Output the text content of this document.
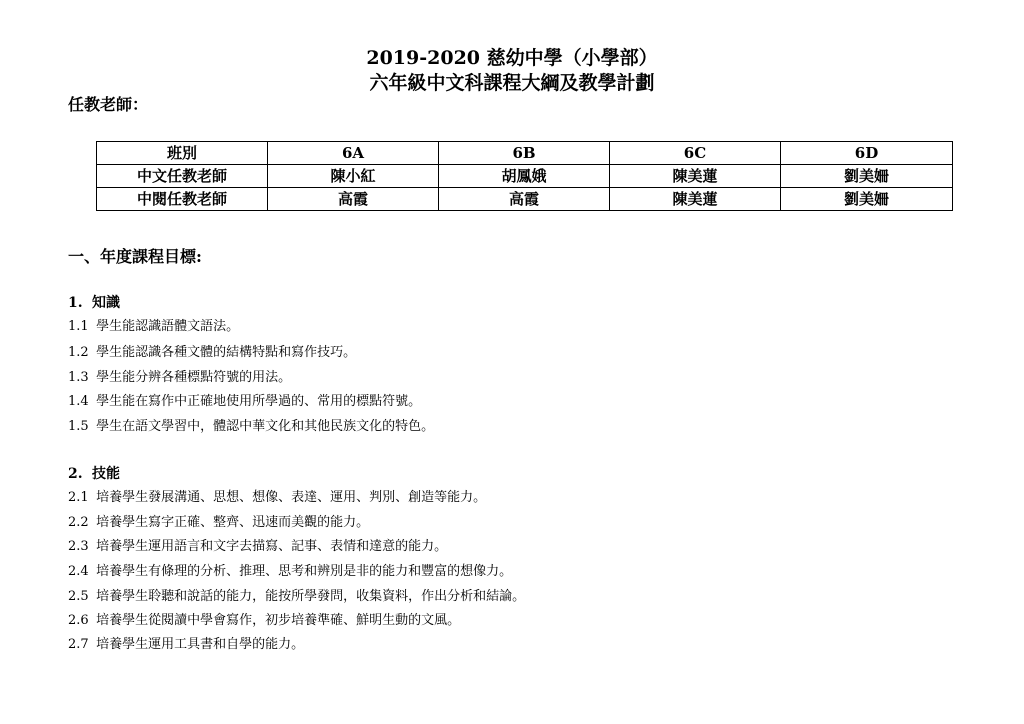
2019-2020 慈幼中學（小學部）
六年級中文科課程大綱及教學計劃
任教老師：
班別	6A	6B	6C	6D
中文任教老師	陳小紅	胡鳳娥	陳美蓮	劉美姍
中閱任教老師	高霞	高霞	陳美蓮	劉美姍
一、年度課程目標:
1. 知識
1.1 學生能認識語體文語法。
1.2 學生能認識各種文體的結構特點和寫作技巧。
1.3 學生能分辨各種標點符號的用法。
1.4 學生能在寫作中正確地使用所學過的、常用的標點符號。
1.5 學生在語文學習中，體認中華文化和其他民族文化的特色。
2. 技能
2.1 培養學生發展溝通、思想、想像、表達、運用、判別、創造等能力。
2.2 培養學生寫字正確、整齊、迅速而美觀的能力。
2.3 培養學生運用語言和文字去描寫、記事、表情和達意的能力。
2.4 培養學生有條理的分析、推理、思考和辨別是非的能力和豐富的想像力。
2.5 培養學生聆聽和說話的能力，能按所學發問，收集資料，作出分析和結論。
2.6 培養學生從閱讀中學會寫作，初步培養準確、鮮明生動的文風。
2.7 培養學生運用工具書和自學的能力。
